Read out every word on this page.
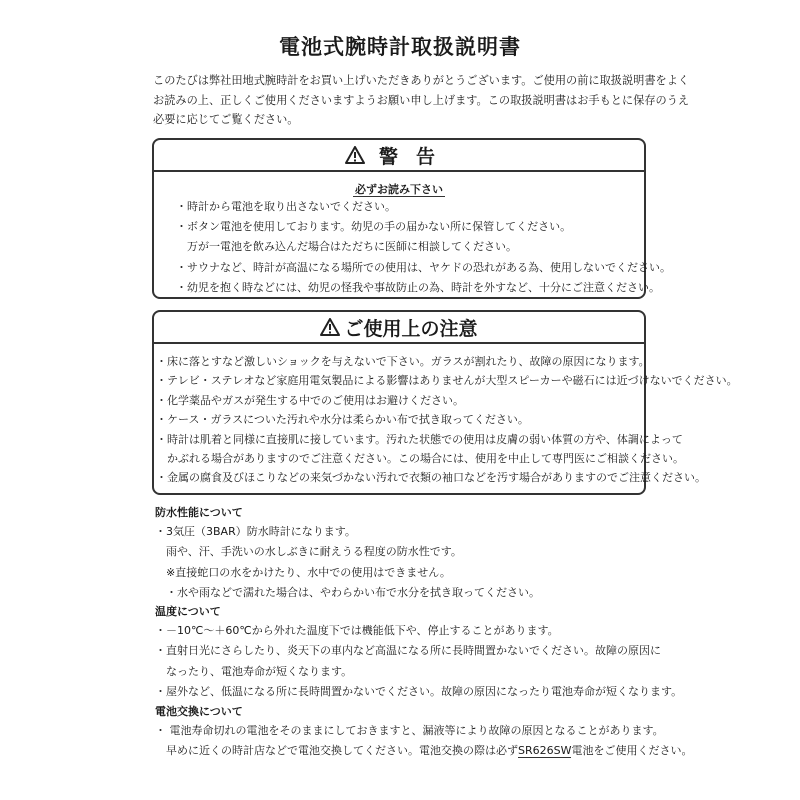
電池式腕時計取扱説明書
このたびは弊社田地式腕時計をお買い上げいただきありがとうございます。ご使用の前に取扱説明書をよく
お読みの上、正しくご使用くださいますようお願い申し上げます。この取扱説明書はお手もとに保存のうえ
必要に応じてご覧ください。
警告
必ずお読み下さい
・時計から電池を取り出さないでください。
・ボタン電池を使用しております。幼児の手の届かない所に保管してください。
　万が一電池を飲み込んだ場合はただちに医師に相談してください。
・サウナなど、時計が高温になる場所での使用は、ヤケドの恐れがある為、使用しないでください。
・幼児を抱く時などには、幼児の怪我や事故防止の為、時計を外すなど、十分にご注意ください。
ご使用上の注意
・床に落とすなど激しいショックを与えないで下さい。ガラスが割れたり、故障の原因になります。
・テレビ・ステレオなど家庭用電気製品による影響はありませんが大型スピーカーや磁石には近づけないでください。
・化学薬品やガスが発生する中でのご使用はお避けください。
・ケース・ガラスについた汚れや水分は柔らかい布で拭き取ってください。
・時計は肌着と同様に直接肌に接しています。汚れた状態での使用は皮膚の弱い体質の方や、体調によって
　かぶれる場合がありますのでご注意ください。この場合には、使用を中止して専門医にご相談ください。
・金属の腐食及びほこりなどの来気づかない汚れで衣類の袖口などを汚す場合がありますのでご注意ください。
防水性能について
・3気圧（3BAR）防水時計になります。
　雨や、汗、手洗いの水しぶきに耐えうる程度の防水性です。
　※直接蛇口の水をかけたり、水中での使用はできません。
　・水や雨などで濡れた場合は、やわらかい布で水分を拭き取ってください。
温度について
・－10℃～＋60℃から外れた温度下では機能低下や、停止することがあります。
・直射日光にさらしたり、炎天下の車内など高温になる所に長時間置かないでください。故障の原因に
　なったり、電池寿命が短くなります。
・屋外など、低温になる所に長時間置かないでください。故障の原因になったり電池寿命が短くなります。
電池交換について
・ 電池寿命切れの電池をそのままにしておきますと、漏液等により故障の原因となることがあります。
　早めに近くの時計店などで電池交換してください。電池交換の際は必ずSR626SW電池をご使用ください。
